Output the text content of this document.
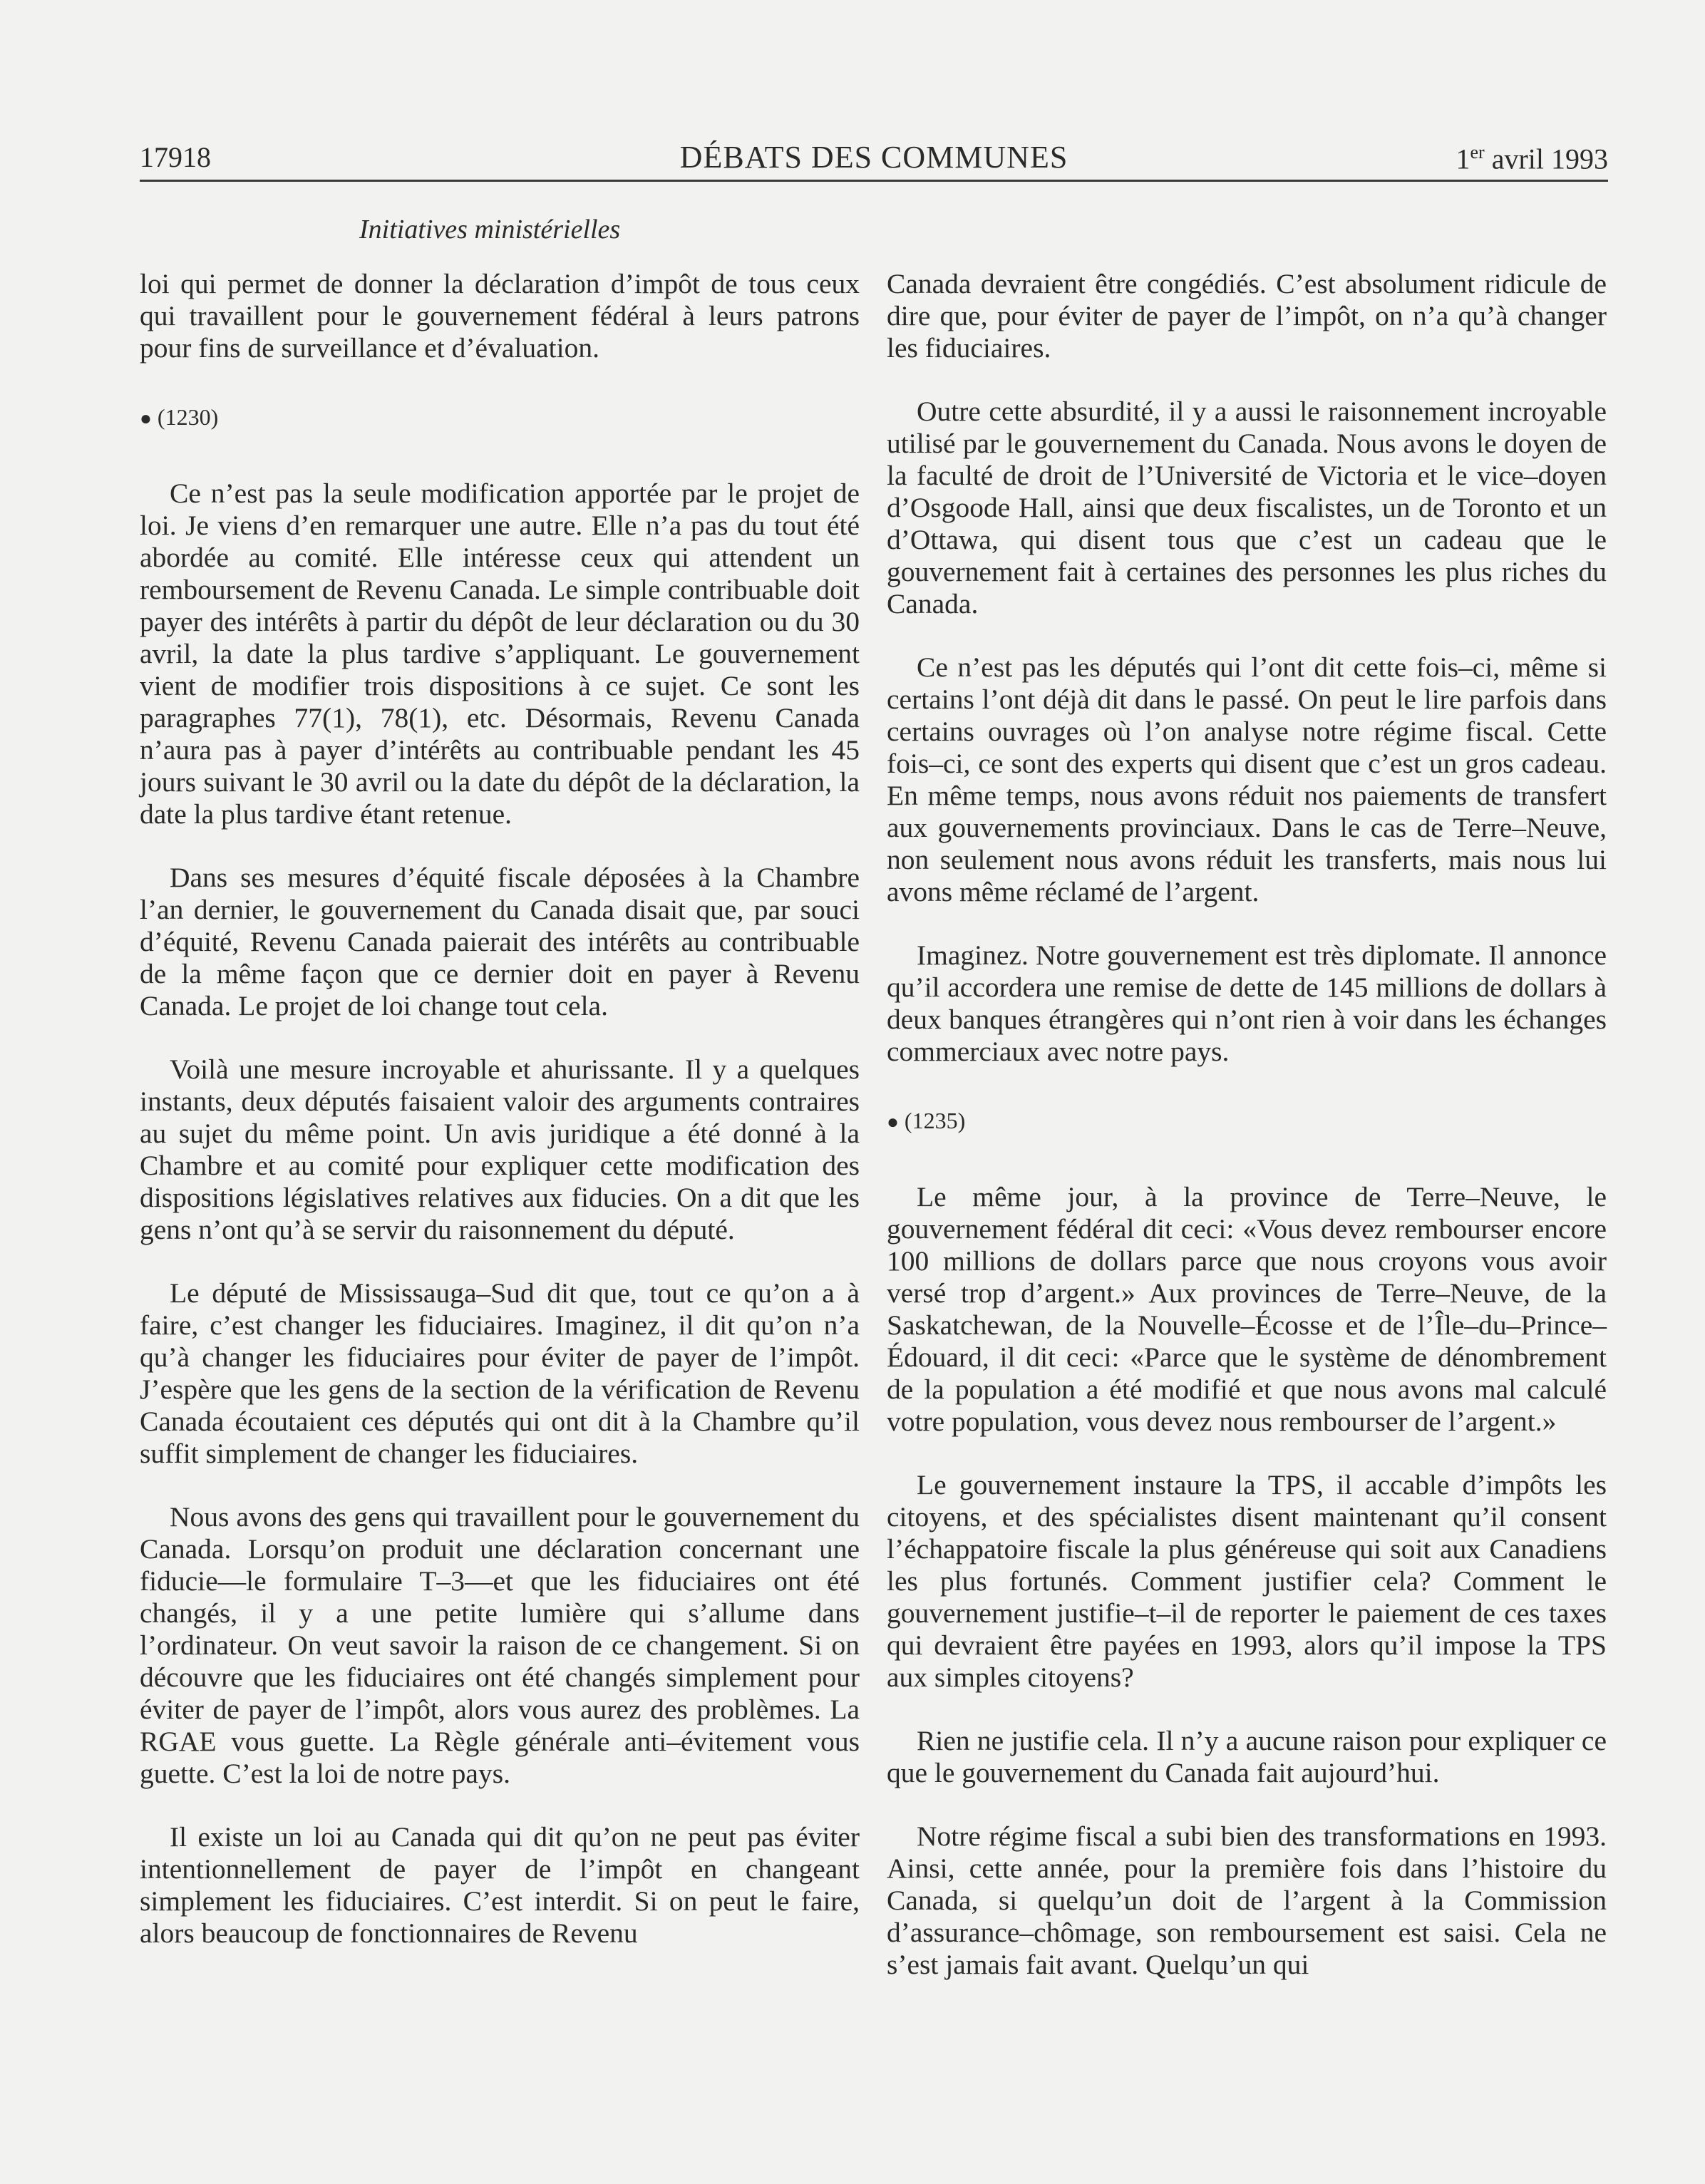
17918	DÉBATS DES COMMUNES	1er avril 1993
Initiatives ministérielles

loi qui permet de donner la déclaration d’impôt de tous ceux qui travaillent pour le gouvernement fédéral à leurs patrons pour fins de surveillance et d’évaluation.

● (1230)

Ce n’est pas la seule modification apportée par le projet de loi. Je viens d’en remarquer une autre. Elle n’a pas du tout été abordée au comité. Elle intéresse ceux qui attendent un remboursement de Revenu Canada. Le simple contribuable doit payer des intérêts à partir du dépôt de leur déclaration ou du 30 avril, la date la plus tardive s’appliquant. Le gouvernement vient de modifier trois dispositions à ce sujet. Ce sont les paragraphes 77(1), 78(1), etc. Désormais, Revenu Canada n’aura pas à payer d’intérêts au contribuable pendant les 45 jours suivant le 30 avril ou la date du dépôt de la déclaration, la date la plus tardive étant retenue.

Dans ses mesures d’équité fiscale déposées à la Chambre l’an dernier, le gouvernement du Canada disait que, par souci d’équité, Revenu Canada paierait des intérêts au contribuable de la même façon que ce dernier doit en payer à Revenu Canada. Le projet de loi change tout cela.

Voilà une mesure incroyable et ahurissante. Il y a quelques instants, deux députés faisaient valoir des arguments contraires au sujet du même point. Un avis juridique a été donné à la Chambre et au comité pour expliquer cette modification des dispositions législatives relatives aux fiducies. On a dit que les gens n’ont qu’à se servir du raisonnement du député.

Le député de Mississauga–Sud dit que, tout ce qu’on a à faire, c’est changer les fiduciaires. Imaginez, il dit qu’on n’a qu’à changer les fiduciaires pour éviter de payer de l’impôt. J’espère que les gens de la section de la vérification de Revenu Canada écoutaient ces députés qui ont dit à la Chambre qu’il suffit simplement de changer les fiduciaires.

Nous avons des gens qui travaillent pour le gouvernement du Canada. Lorsqu’on produit une déclaration concernant une fiducie—le formulaire T–3—et que les fiduciaires ont été changés, il y a une petite lumière qui s’allume dans l’ordinateur. On veut savoir la raison de ce changement. Si on découvre que les fiduciaires ont été changés simplement pour éviter de payer de l’impôt, alors vous aurez des problèmes. La RGAE vous guette. La Règle générale anti–évitement vous guette. C’est la loi de notre pays.

Il existe un loi au Canada qui dit qu’on ne peut pas éviter intentionnellement de payer de l’impôt en changeant simplement les fiduciaires. C’est interdit. Si on peut le faire, alors beaucoup de fonctionnaires de Revenu

Canada devraient être congédiés. C’est absolument ridicule de dire que, pour éviter de payer de l’impôt, on n’a qu’à changer les fiduciaires.

Outre cette absurdité, il y a aussi le raisonnement incroyable utilisé par le gouvernement du Canada. Nous avons le doyen de la faculté de droit de l’Université de Victoria et le vice–doyen d’Osgoode Hall, ainsi que deux fiscalistes, un de Toronto et un d’Ottawa, qui disent tous que c’est un cadeau que le gouvernement fait à certaines des personnes les plus riches du Canada.

Ce n’est pas les députés qui l’ont dit cette fois–ci, même si certains l’ont déjà dit dans le passé. On peut le lire parfois dans certains ouvrages où l’on analyse notre régime fiscal. Cette fois–ci, ce sont des experts qui disent que c’est un gros cadeau. En même temps, nous avons réduit nos paiements de transfert aux gouvernements provinciaux. Dans le cas de Terre–Neuve, non seulement nous avons réduit les transferts, mais nous lui avons même réclamé de l’argent.

Imaginez. Notre gouvernement est très diplomate. Il annonce qu’il accordera une remise de dette de 145 millions de dollars à deux banques étrangères qui n’ont rien à voir dans les échanges commerciaux avec notre pays.

● (1235)

Le même jour, à la province de Terre–Neuve, le gouvernement fédéral dit ceci: «Vous devez rembourser encore 100 millions de dollars parce que nous croyons vous avoir versé trop d’argent.» Aux provinces de Terre–Neuve, de la Saskatchewan, de la Nouvelle–Écosse et de l’Île–du–Prince–Édouard, il dit ceci: «Parce que le système de dénombrement de la population a été modifié et que nous avons mal calculé votre population, vous devez nous rembourser de l’argent.»

Le gouvernement instaure la TPS, il accable d’impôts les citoyens, et des spécialistes disent maintenant qu’il consent l’échappatoire fiscale la plus généreuse qui soit aux Canadiens les plus fortunés. Comment justifier cela? Comment le gouvernement justifie–t–il de reporter le paiement de ces taxes qui devraient être payées en 1993, alors qu’il impose la TPS aux simples citoyens?

Rien ne justifie cela. Il n’y a aucune raison pour expliquer ce que le gouvernement du Canada fait aujourd’hui.

Notre régime fiscal a subi bien des transformations en 1993. Ainsi, cette année, pour la première fois dans l’histoire du Canada, si quelqu’un doit de l’argent à la Commission d’assurance–chômage, son remboursement est saisi. Cela ne s’est jamais fait avant. Quelqu’un qui
